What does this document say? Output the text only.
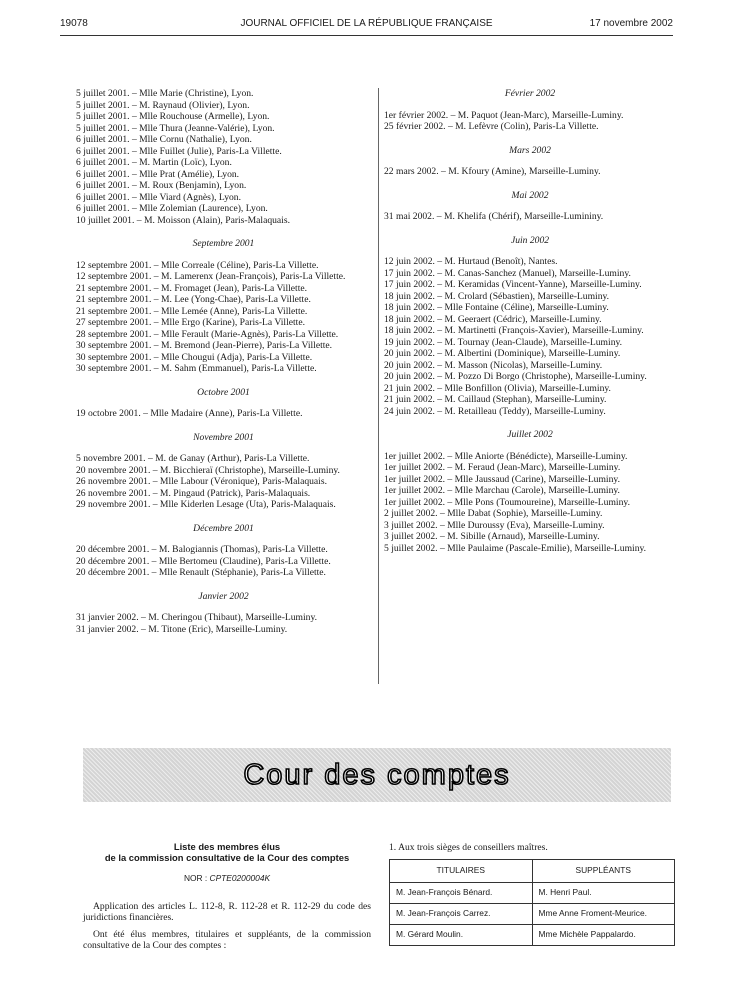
19078	JOURNAL OFFICIEL DE LA RÉPUBLIQUE FRANÇAISE	17 novembre 2002
5 juillet 2001. – Mlle Marie (Christine), Lyon.
5 juillet 2001. – M. Raynaud (Olivier), Lyon.
5 juillet 2001. – Mlle Rouchouse (Armelle), Lyon.
5 juillet 2001. – Mlle Thura (Jeanne-Valérie), Lyon.
6 juillet 2001. – Mlle Cornu (Nathalie), Lyon.
6 juillet 2001. – Mlle Fuillet (Julie), Paris-La Villette.
6 juillet 2001. – M. Martin (Loïc), Lyon.
6 juillet 2001. – Mlle Prat (Amélie), Lyon.
6 juillet 2001. – M. Roux (Benjamin), Lyon.
6 juillet 2001. – Mlle Viard (Agnès), Lyon.
6 juillet 2001. – Mlle Zolemian (Laurence), Lyon.
10 juillet 2001. – M. Moisson (Alain), Paris-Malaquais.
Septembre 2001
12 septembre 2001. – Mlle Correale (Céline), Paris-La Villette.
12 septembre 2001. – M. Lamerenx (Jean-François), Paris-La Villette.
21 septembre 2001. – M. Fromaget (Jean), Paris-La Villette.
21 septembre 2001. – M. Lee (Yong-Chae), Paris-La Villette.
21 septembre 2001. – Mlle Lemée (Anne), Paris-La Villette.
27 septembre 2001. – Mlle Ergo (Karine), Paris-La Villette.
28 septembre 2001. – Mlle Ferault (Marie-Agnès), Paris-La Villette.
30 septembre 2001. – M. Bremond (Jean-Pierre), Paris-La Villette.
30 septembre 2001. – Mlle Chougui (Adja), Paris-La Villette.
30 septembre 2001. – M. Sahm (Emmanuel), Paris-La Villette.
Octobre 2001
19 octobre 2001. – Mlle Madaire (Anne), Paris-La Villette.
Novembre 2001
5 novembre 2001. – M. de Ganay (Arthur), Paris-La Villette.
20 novembre 2001. – M. Bicchieraï (Christophe), Marseille-Luminy.
26 novembre 2001. – Mlle Labour (Véronique), Paris-Malaquais.
26 novembre 2001. – M. Pingaud (Patrick), Paris-Malaquais.
29 novembre 2001. – Mlle Kiderlen Lesage (Uta), Paris-Malaquais.
Décembre 2001
20 décembre 2001. – M. Balogiannis (Thomas), Paris-La Villette.
20 décembre 2001. – Mlle Bertomeu (Claudine), Paris-La Villette.
20 décembre 2001. – Mlle Renault (Stéphanie), Paris-La Villette.
Janvier 2002
31 janvier 2002. – M. Cheringou (Thibaut), Marseille-Luminy.
31 janvier 2002. – M. Titone (Eric), Marseille-Luminy.
Février 2002
1er février 2002. – M. Paquot (Jean-Marc), Marseille-Luminy.
25 février 2002. – M. Lefèvre (Colin), Paris-La Villette.
Mars 2002
22 mars 2002. – M. Kfoury (Amine), Marseille-Luminy.
Mai 2002
31 mai 2002. – M. Khelifa (Chérif), Marseille-Lumininy.
Juin 2002
12 juin 2002. – M. Hurtaud (Benoît), Nantes.
17 juin 2002. – M. Canas-Sanchez (Manuel), Marseille-Luminy.
17 juin 2002. – M. Keramidas (Vincent-Yanne), Marseille-Luminy.
18 juin 2002. – M. Crolard (Sébastien), Marseille-Luminy.
18 juin 2002. – Mlle Fontaine (Céline), Marseille-Luminy.
18 juin 2002. – M. Geeraert (Cédric), Marseille-Luminy.
18 juin 2002. – M. Martinetti (François-Xavier), Marseille-Luminy.
19 juin 2002. – M. Tournay (Jean-Claude), Marseille-Luminy.
20 juin 2002. – M. Albertini (Dominique), Marseille-Luminy.
20 juin 2002. – M. Masson (Nicolas), Marseille-Luminy.
20 juin 2002. – M. Pozzo Di Borgo (Christophe), Marseille-Luminy.
21 juin 2002. – Mlle Bonfillon (Olivia), Marseille-Luminy.
21 juin 2002. – M. Caillaud (Stephan), Marseille-Luminy.
24 juin 2002. – M. Retailleau (Teddy), Marseille-Luminy.
Juillet 2002
1er juillet 2002. – Mlle Aniorte (Bénédicte), Marseille-Luminy.
1er juillet 2002. – M. Feraud (Jean-Marc), Marseille-Luminy.
1er juillet 2002. – Mlle Jaussaud (Carine), Marseille-Luminy.
1er juillet 2002. – Mlle Marchau (Carole), Marseille-Luminy.
1er juillet 2002. – Mlle Pons (Toumoureine), Marseille-Luminy.
2 juillet 2002. – Mlle Dabat (Sophie), Marseille-Luminy.
3 juillet 2002. – Mlle Duroussy (Eva), Marseille-Luminy.
3 juillet 2002. – M. Sibille (Arnaud), Marseille-Luminy.
5 juillet 2002. – Mlle Paulaime (Pascale-Emilie), Marseille-Luminy.
Cour des comptes
Liste des membres élus
de la commission consultative de la Cour des comptes
NOR : CPTE0200004K

Application des articles L. 112-8, R. 112-28 et R. 112-29 du code des juridictions financières.

Ont été élus membres, titulaires et suppléants, de la commission consultative de la Cour des comptes :

1. Aux trois sièges de conseillers maîtres.
TITULAIRES	SUPPLÉANTS
M. Jean-François Bénard.	M. Henri Paul.
M. Jean-François Carrez.	Mme Anne Froment-Meurice.
M. Gérard Moulin.	Mme Michèle Pappalardo.
